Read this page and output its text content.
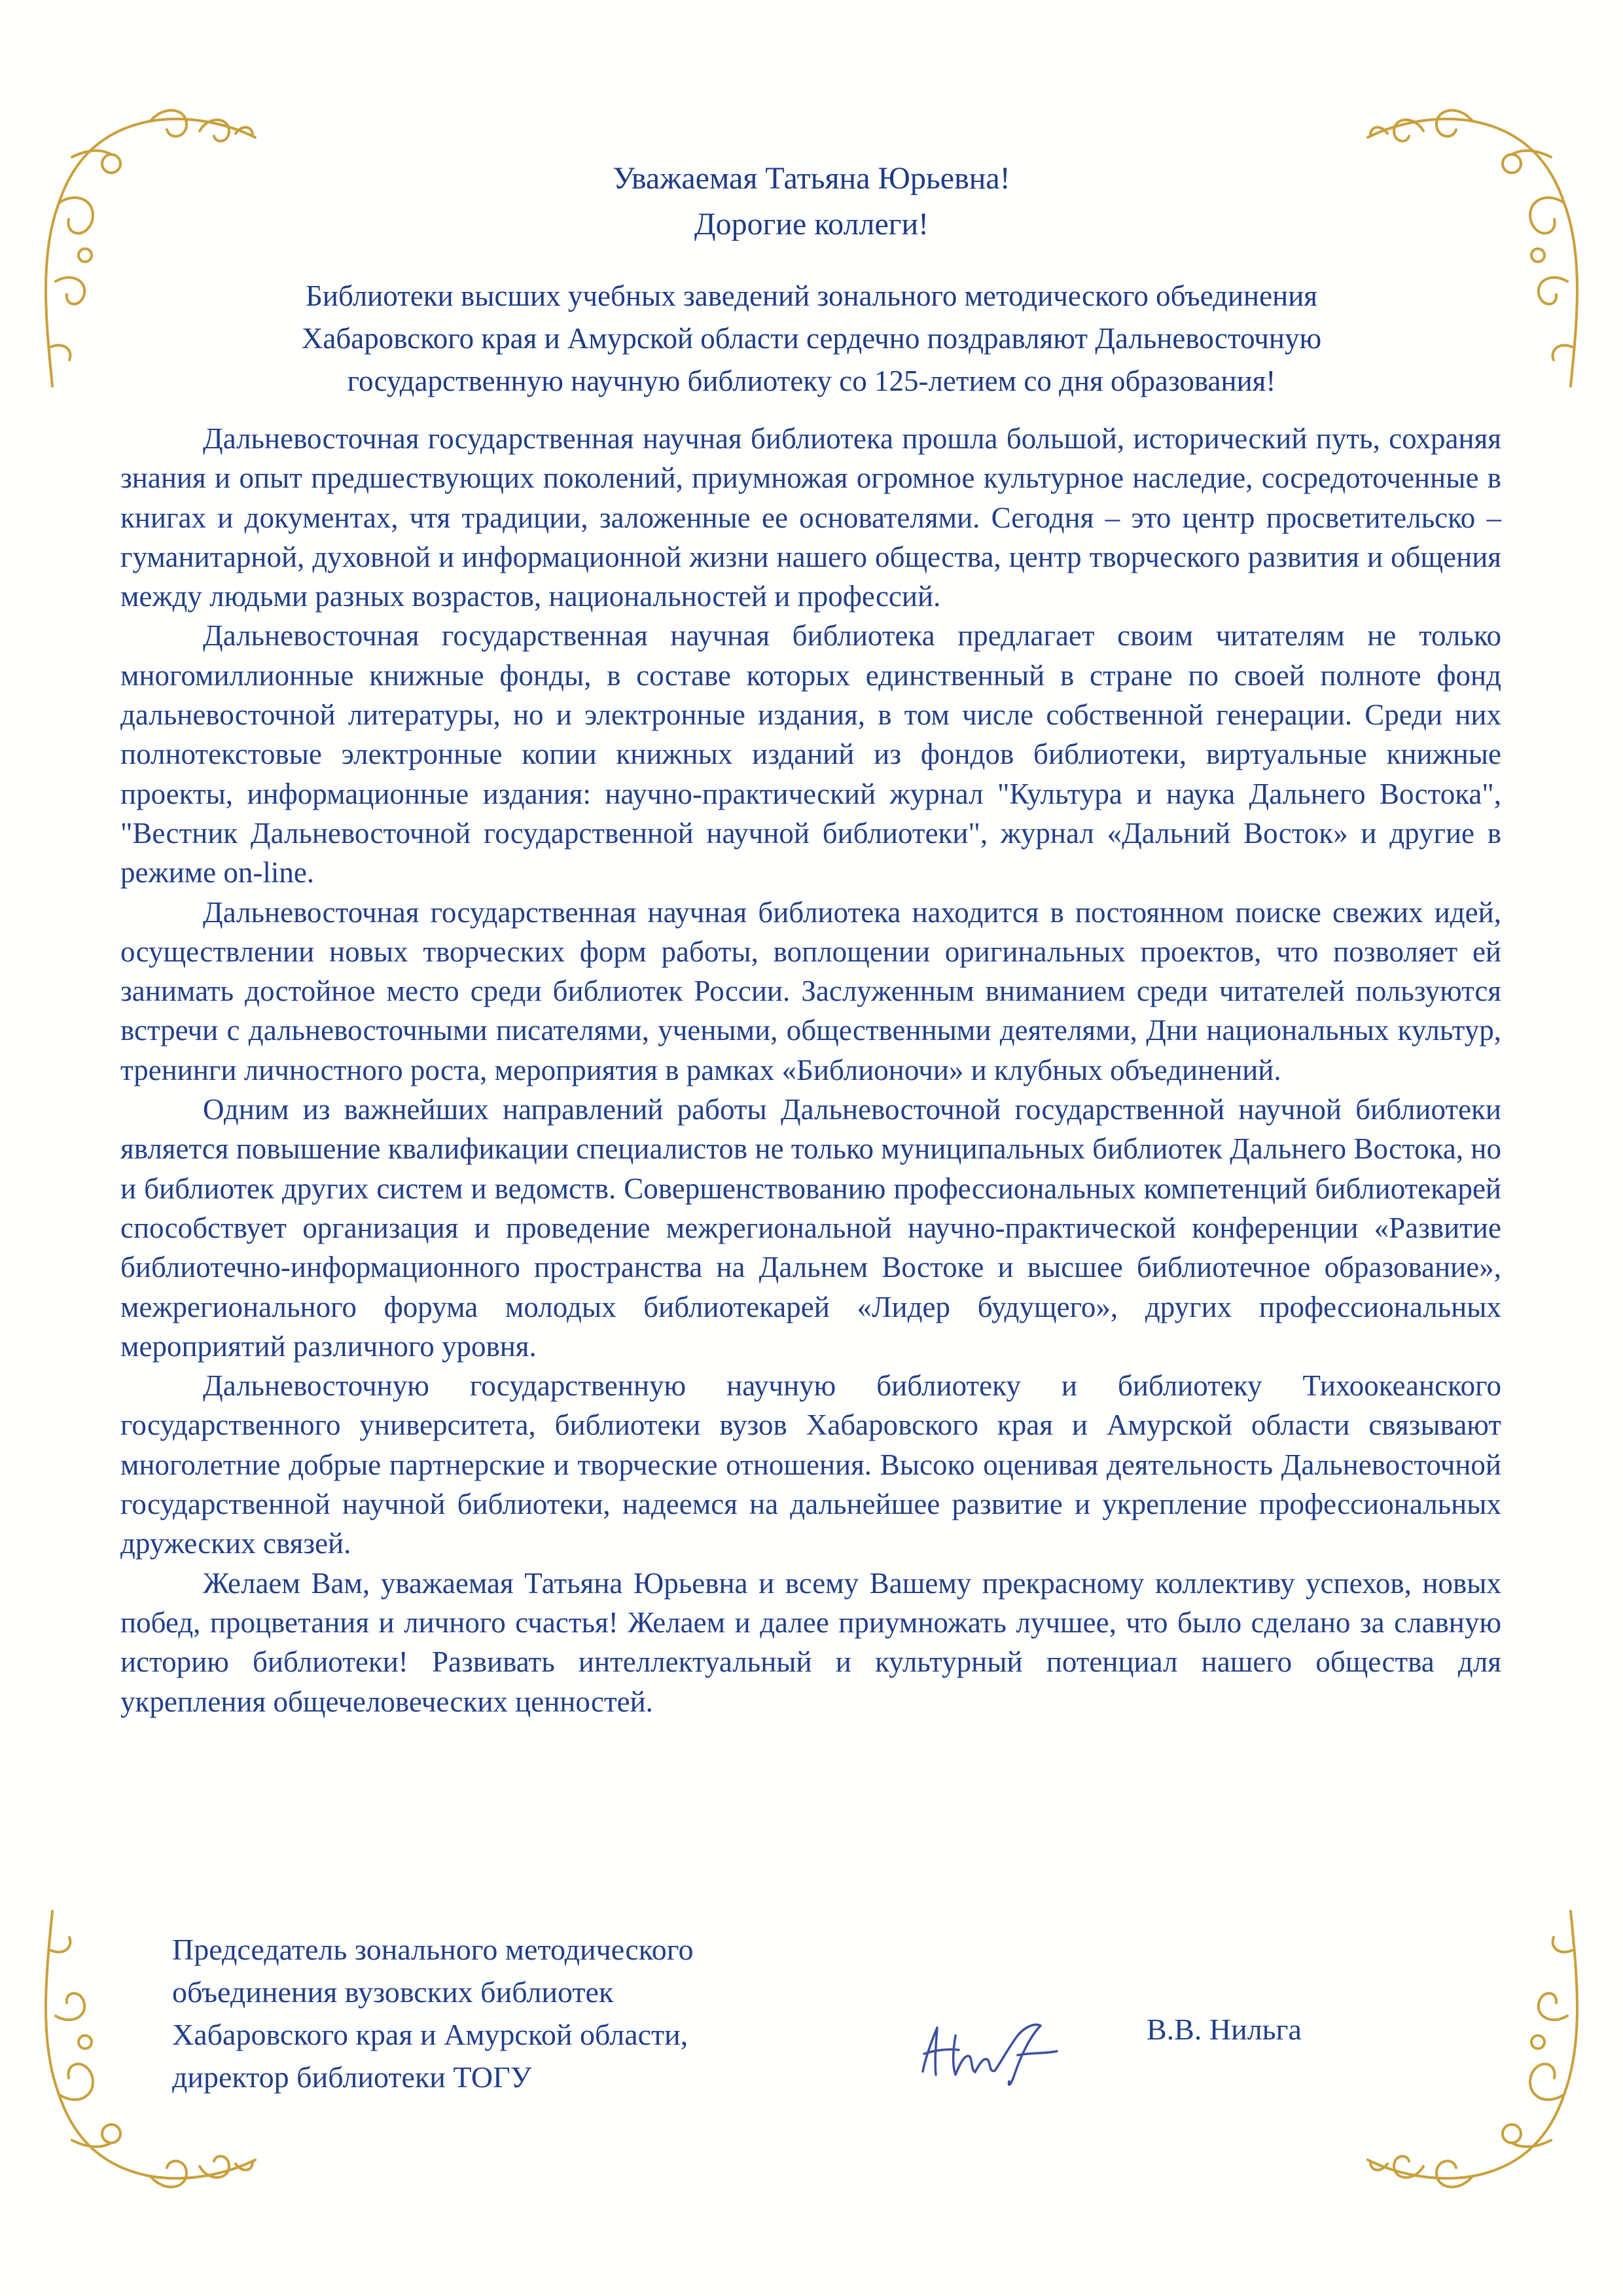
Уважаемая Татьяна Юрьевна!
Дорогие коллеги!
Библиотеки высших учебных заведений зонального методического объединения
Хабаровского края и Амурской области сердечно поздравляют Дальневосточную
государственную научную библиотеку со 125-летием со дня образования!

Дальневосточная государственная научная библиотека прошла большой, исторический путь, сохраняя знания и опыт предшествующих поколений, приумножая огромное культурное наследие, сосредоточенные в книгах и документах, чтя традиции, заложенные ее основателями. Сегодня – это центр просветительско – гуманитарной, духовной и информационной жизни нашего общества, центр творческого развития и общения между людьми разных возрастов, национальностей и профессий.

Дальневосточная государственная научная библиотека предлагает своим читателям не только многомиллионные книжные фонды, в составе которых единственный в стране по своей полноте фонд дальневосточной литературы, но и электронные издания, в том числе собственной генерации. Среди них полнотекстовые электронные копии книжных изданий из фондов библиотеки, виртуальные книжные проекты, информационные издания: научно-практический журнал "Культура и наука Дальнего Востока", "Вестник Дальневосточной государственной научной библиотеки", журнал «Дальний Восток» и другие в режиме on-line.

Дальневосточная государственная научная библиотека находится в постоянном поиске свежих идей, осуществлении новых творческих форм работы, воплощении оригинальных проектов, что позволяет ей занимать достойное место среди библиотек России. Заслуженным вниманием среди читателей пользуются встречи с дальневосточными писателями, учеными, общественными деятелями, Дни национальных культур, тренинги личностного роста, мероприятия в рамках «Библионочи» и клубных объединений.

Одним из важнейших направлений работы Дальневосточной государственной научной библиотеки является повышение квалификации специалистов не только муниципальных библиотек Дальнего Востока, но и библиотек других систем и ведомств. Совершенствованию профессиональных компетенций библиотекарей способствует организация и проведение межрегиональной научно-практической конференции «Развитие библиотечно-информационного пространства на Дальнем Востоке и высшее библиотечное образование», межрегионального форума молодых библиотекарей «Лидер будущего», других профессиональных мероприятий различного уровня.

Дальневосточную государственную научную библиотеку и библиотеку Тихоокеанского государственного университета, библиотеки вузов Хабаровского края и Амурской области связывают многолетние добрые партнерские и творческие отношения. Высоко оценивая деятельность Дальневосточной государственной научной библиотеки, надеемся на дальнейшее развитие и укрепление профессиональных дружеских связей.

Желаем Вам, уважаемая Татьяна Юрьевна и всему Вашему прекрасному коллективу успехов, новых побед, процветания и личного счастья! Желаем и далее приумножать лучшее, что было сделано за славную историю библиотеки! Развивать интеллектуальный и культурный потенциал нашего общества для укрепления общечеловеческих ценностей.

Председатель зонального методического
объединения вузовских библиотек
Хабаровского края и Амурской области,
директор библиотеки ТОГУ
В.В. Нильга
